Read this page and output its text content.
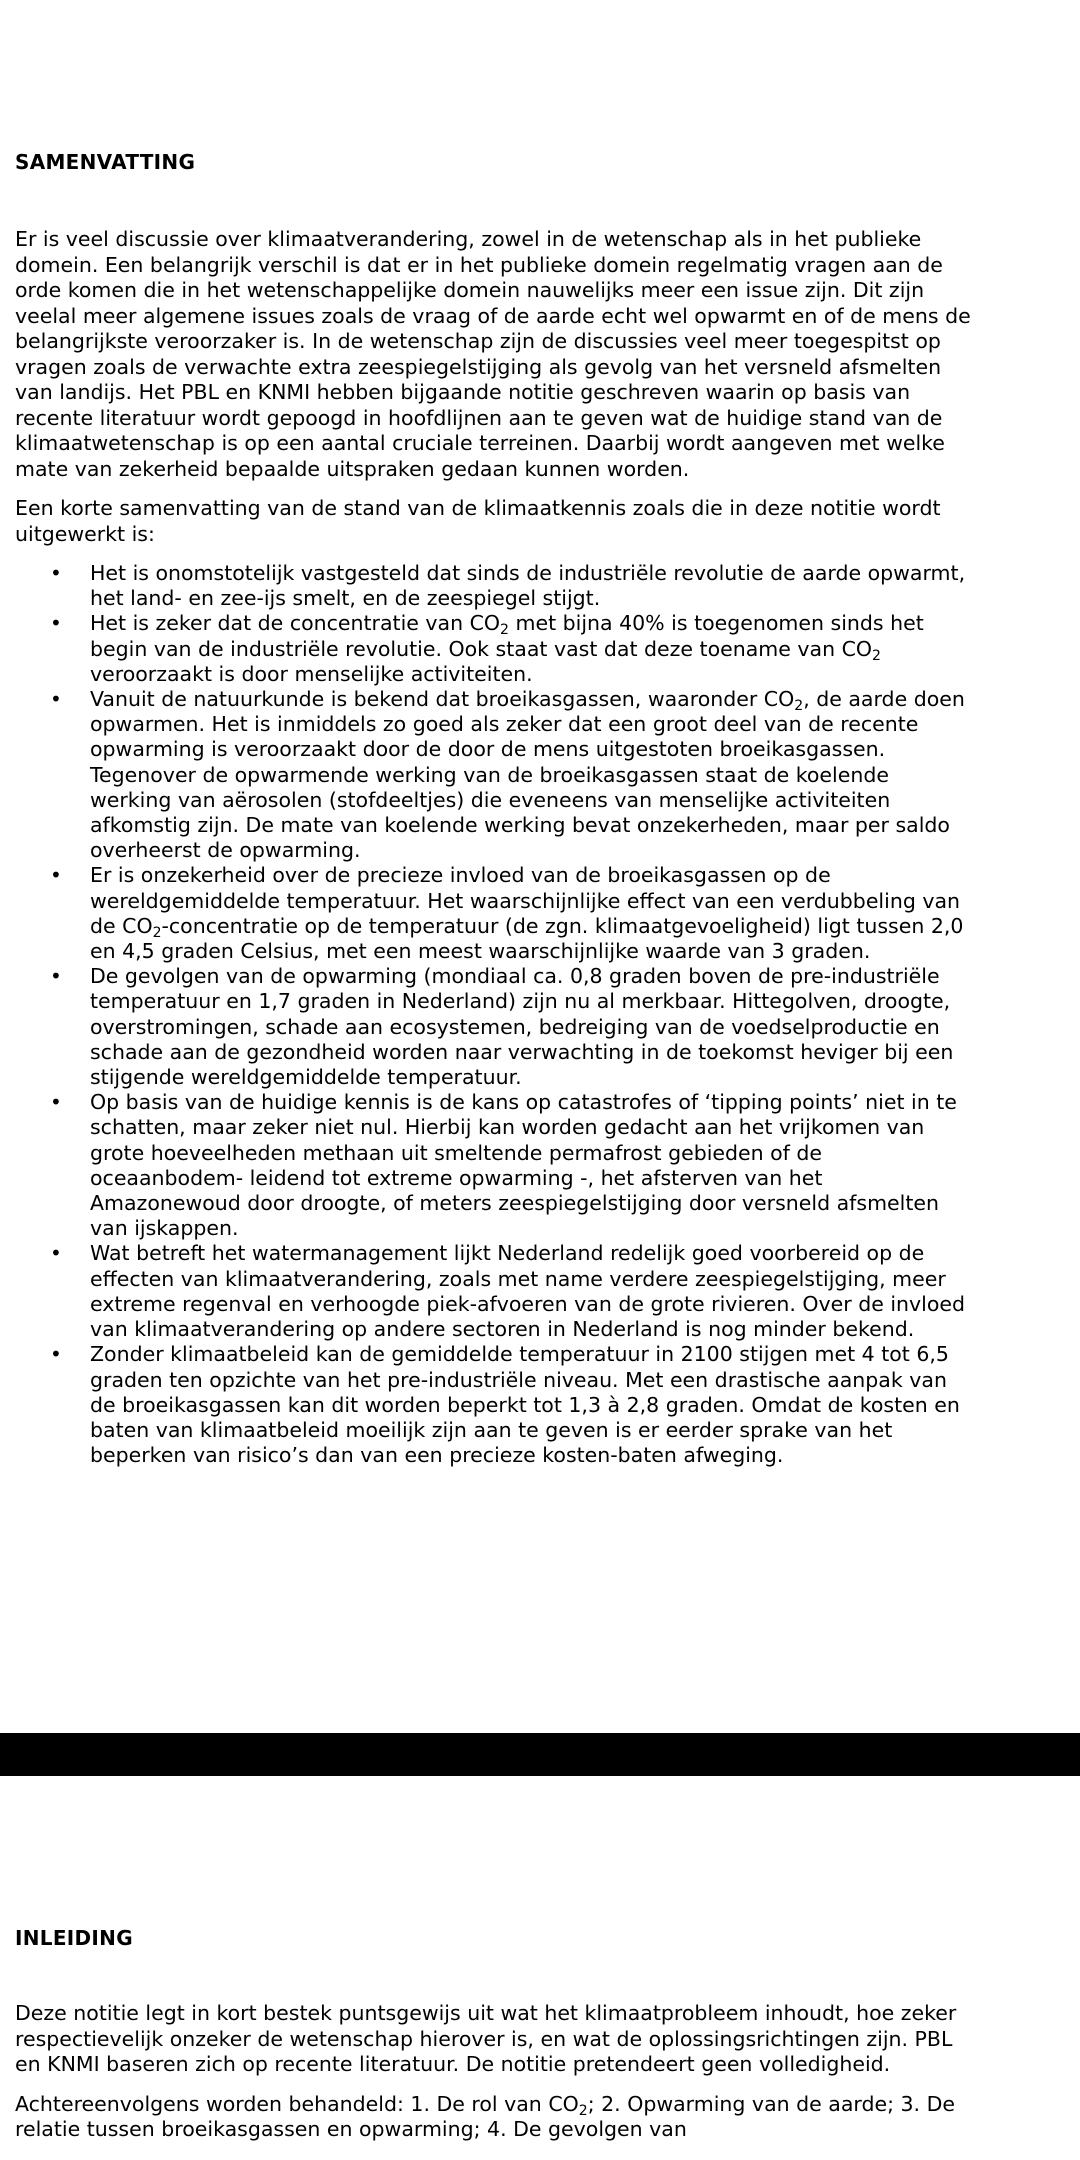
SAMENVATTING

Er is veel discussie over klimaatverandering, zowel in de wetenschap als in het publieke domein. Een belangrijk verschil is dat er in het publieke domein regelmatig vragen aan de orde komen die in het wetenschappelijke domein nauwelijks meer een issue zijn. Dit zijn veelal meer algemene issues zoals de vraag of de aarde echt wel opwarmt en of de mens de belangrijkste veroorzaker is. In de wetenschap zijn de discussies veel meer toegespitst op vragen zoals de verwachte extra zeespiegelstijging als gevolg van het versneld afsmelten van landijs. Het PBL en KNMI hebben bijgaande notitie geschreven waarin op basis van recente literatuur wordt gepoogd in hoofdlijnen aan te geven wat de huidige stand van de klimaatwetenschap is op een aantal cruciale terreinen. Daarbij wordt aangeven met welke mate van zekerheid bepaalde uitspraken gedaan kunnen worden.

Een korte samenvatting van de stand van de klimaatkennis zoals die in deze notitie wordt uitgewerkt is:

• Het is onomstotelijk vastgesteld dat sinds de industriële revolutie de aarde opwarmt, het land- en zee-ijs smelt, en de zeespiegel stijgt.
• Het is zeker dat de concentratie van $CO_2$ met bijna 40% is toegenomen sinds het begin van de industriële revolutie. Ook staat vast dat deze toename van $CO_2$ veroorzaakt is door menselijke activiteiten.
• Vanuit de natuurkunde is bekend dat broeikasgassen, waaronder $CO_2$, de aarde doen opwarmen. Het is inmiddels zo goed als zeker dat een groot deel van de recente opwarming is veroorzaakt door de door de mens uitgestoten broeikasgassen. Tegenover de opwarmende werking van de broeikasgassen staat de koelende werking van aërosolen (stofdeeltjes) die eveneens van menselijke activiteiten afkomstig zijn. De mate van koelende werking bevat onzekerheden, maar per saldo overheerst de opwarming.
• Er is onzekerheid over de precieze invloed van de broeikasgassen op de wereldgemiddelde temperatuur. Het waarschijnlijke effect van een verdubbeling van de $CO_2$-concentratie op de temperatuur (de zgn. klimaatgevoeligheid) ligt tussen 2,0 en 4,5 graden Celsius, met een meest waarschijnlijke waarde van 3 graden.
• De gevolgen van de opwarming (mondiaal ca. 0,8 graden boven de pre-industriële temperatuur en 1,7 graden in Nederland) zijn nu al merkbaar. Hittegolven, droogte, overstromingen, schade aan ecosystemen, bedreiging van de voedselproductie en schade aan de gezondheid worden naar verwachting in de toekomst heviger bij een stijgende wereldgemiddelde temperatuur.
• Op basis van de huidige kennis is de kans op catastrofes of ‘tipping points’ niet in te schatten, maar zeker niet nul. Hierbij kan worden gedacht aan het vrijkomen van grote hoeveelheden methaan uit smeltende permafrost gebieden of de oceaanbodem- leidend tot extreme opwarming -, het afsterven van het Amazonewoud door droogte, of meters zeespiegelstijging door versneld afsmelten van ijskappen.
• Wat betreft het watermanagement lijkt Nederland redelijk goed voorbereid op de effecten van klimaatverandering, zoals met name verdere zeespiegelstijging, meer extreme regenval en verhoogde piek-afvoeren van de grote rivieren. Over de invloed van klimaatverandering op andere sectoren in Nederland is nog minder bekend.
• Zonder klimaatbeleid kan de gemiddelde temperatuur in 2100 stijgen met 4 tot 6,5 graden ten opzichte van het pre-industriële niveau. Met een drastische aanpak van de broeikasgassen kan dit worden beperkt tot 1,3 à 2,8 graden. Omdat de kosten en baten van klimaatbeleid moeilijk zijn aan te geven is er eerder sprake van het beperken van risico’s dan van een precieze kosten-baten afweging.
INLEIDING

Deze notitie legt in kort bestek puntsgewijs uit wat het klimaatprobleem inhoudt, hoe zeker respectievelijk onzeker de wetenschap hierover is, en wat de oplossingsrichtingen zijn. PBL en KNMI baseren zich op recente literatuur. De notitie pretendeert geen volledigheid.

Achtereenvolgens worden behandeld: 1. De rol van $CO_2$; 2. Opwarming van de aarde; 3. De relatie tussen broeikasgassen en opwarming; 4. De gevolgen van
